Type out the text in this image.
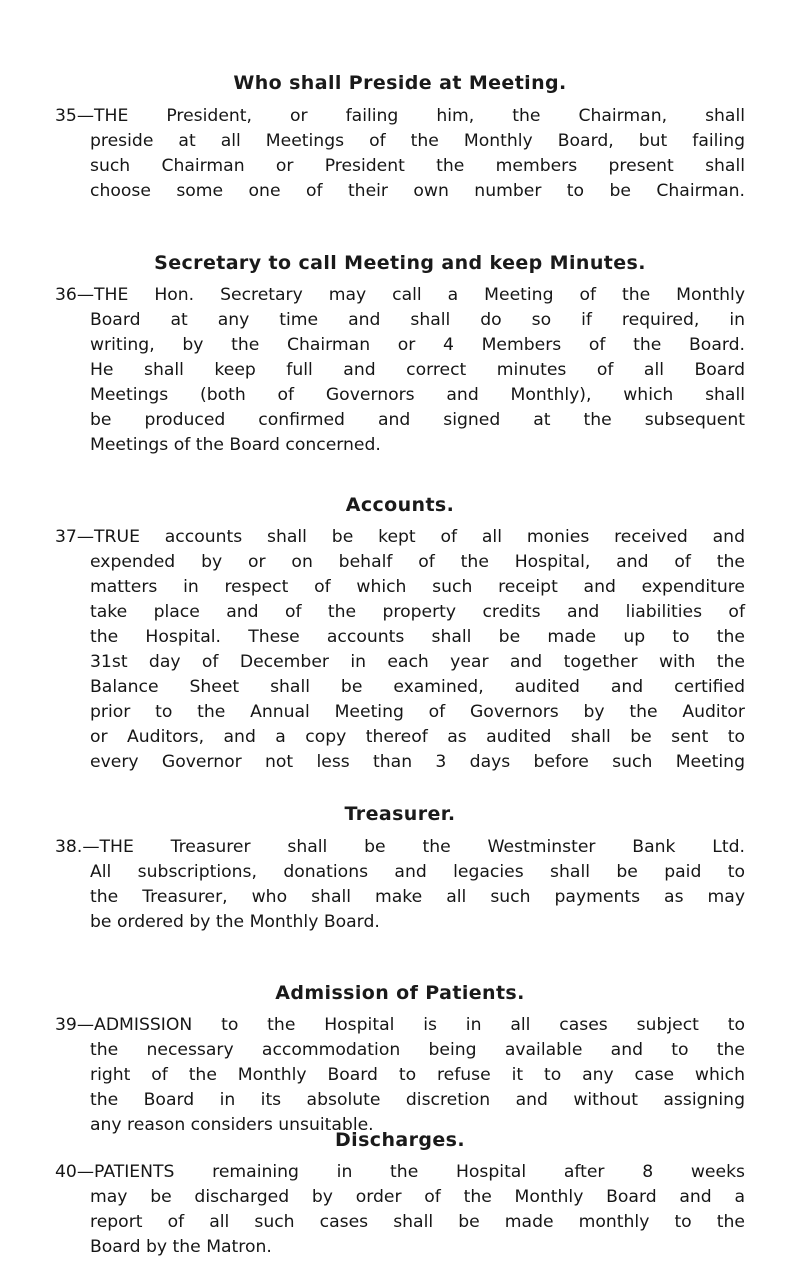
Who shall Preside at Meeting.
35—THE President, or failing him, the Chairman, shall
preside at all Meetings of the Monthly Board, but failing
such Chairman or President the members present shall
choose some one of their own number to be Chairman.
Secretary to call Meeting and keep Minutes.
36—THE Hon. Secretary may call a Meeting of the Monthly
Board at any time and shall do so if required, in
writing, by the Chairman or 4 Members of the Board.
He shall keep full and correct minutes of all Board
Meetings (both of Governors and Monthly), which shall
be produced confirmed and signed at the subsequent
Meetings of the Board concerned.
Accounts.
37—TRUE accounts shall be kept of all monies received and
expended by or on behalf of the Hospital, and of the
matters in respect of which such receipt and expenditure
take place and of the property credits and liabilities of
the Hospital. These accounts shall be made up to the
31st day of December in each year and together with the
Balance Sheet shall be examined, audited and certified
prior to the Annual Meeting of Governors by the Auditor
or Auditors, and a copy thereof as audited shall be sent to
every Governor not less than 3 days before such Meeting
Treasurer.
38.—THE Treasurer shall be the Westminster Bank Ltd.
All subscriptions, donations and legacies shall be paid to
the Treasurer, who shall make all such payments as may
be ordered by the Monthly Board.
Admission of Patients.
39—ADMISSION to the Hospital is in all cases subject to
the necessary accommodation being available and to the
right of the Monthly Board to refuse it to any case which
the Board in its absolute discretion and without assigning
any reason considers unsuitable.
Discharges.
40—PATIENTS remaining in the Hospital after 8 weeks
may be discharged by order of the Monthly Board and a
report of all such cases shall be made monthly to the
Board by the Matron.
